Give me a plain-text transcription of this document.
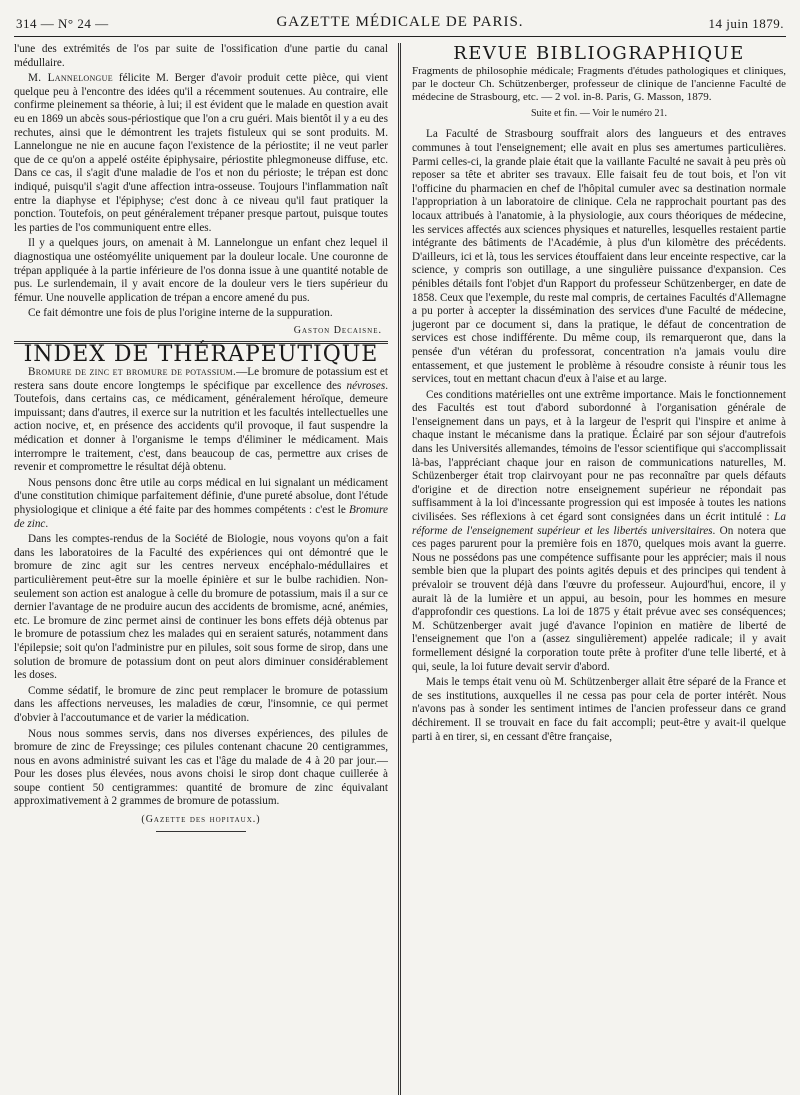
314 — N° 24 —	GAZETTE MÉDICALE DE PARIS.	14 juin 1879.

l'une des extrémités de l'os par suite de l'ossification d'une partie du canal médullaire.

M. Lannelongue félicite M. Berger d'avoir produit cette pièce, qui vient quelque peu à l'encontre des idées qu'il a récemment soutenues. Au contraire, elle confirme pleinement sa théorie, à lui; il est évident que le malade en question avait eu en 1869 un abcès sous-périostique que l'on a cru guéri. Mais bientôt il y a eu des rechutes, ainsi que le démontrent les trajets fistuleux qui se sont produits. M. Lannelongue ne nie en aucune façon l'existence de la périostite; il ne veut parler que de ce qu'on a appelé ostéite épiphysaire, périostite phlegmoneuse diffuse, etc. Dans ce cas, il s'agit d'une maladie de l'os et non du périoste; le trépan est donc indiqué, puisqu'il s'agit d'une affection intra-osseuse. Toujours l'inflammation naît entre la diaphyse et l'épiphyse; c'est donc à ce niveau qu'il faut pratiquer la ponction. Toutefois, on peut généralement trépaner presque partout, puisque toutes les parties de l'os communiquent entre elles.

Il y a quelques jours, on amenait à M. Lannelongue un enfant chez lequel il diagnostiqua une ostéomyélite uniquement par la douleur locale. Une couronne de trépan appliquée à la partie inférieure de l'os donna issue à une quantité notable de pus. Le surlendemain, il y avait encore de la douleur vers le tiers supérieur du fémur. Une nouvelle application de trépan a encore amené du pus.

Ce fait démontre une fois de plus l'origine interne de la suppuration.

Gaston Decaisne.
INDEX DE THÉRAPEUTIQUE

Bromure de zinc et bromure de potassium.—Le bromure de potassium est et restera sans doute encore longtemps le spécifique par excellence des névroses. Toutefois, dans certains cas, ce médicament, généralement héroïque, demeure impuissant; dans d'autres, il exerce sur la nutrition et les facultés intellectuelles une action nocive, et, en présence des accidents qu'il provoque, il faut suspendre la médication et donner à l'organisme le temps d'éliminer le médicament. Mais interrompre le traitement, c'est, dans beaucoup de cas, permettre aux crises de revenir et compromettre le résultat déjà obtenu.

Nous pensons donc être utile au corps médical en lui signalant un médicament d'une constitution chimique parfaitement définie, d'une pureté absolue, dont l'étude physiologique et clinique a été faite par des hommes compétents : c'est le Bromure de zinc.

Dans les comptes-rendus de la Société de Biologie, nous voyons qu'on a fait dans les laboratoires de la Faculté des expériences qui ont démontré que le bromure de zinc agit sur les centres nerveux encéphalo-médullaires et particulièrement peut-être sur la moelle épinière et sur le bulbe rachidien. Non-seulement son action est analogue à celle du bromure de potassium, mais il a sur ce dernier l'avantage de ne produire aucun des accidents de bromisme, acné, anémies, etc. Le bromure de zinc permet ainsi de continuer les bons effets déjà obtenus par le bromure de potassium chez les malades qui en seraient saturés, notamment dans l'épilepsie; soit qu'on l'administre pur en pilules, soit sous forme de sirop, dans une solution de bromure de potassium dont on peut alors diminuer considérablement les doses.

Comme sédatif, le bromure de zinc peut remplacer le bromure de potassium dans les affections nerveuses, les maladies de cœur, l'insomnie, ce qui permet d'obvier à l'accoutumance et de varier la médication.

Nous nous sommes servis, dans nos diverses expériences, des pilules de bromure de zinc de Freyssinge; ces pilules contenant chacune 20 centigrammes, nous en avons administré suivant les cas et l'âge du malade de 4 à 20 par jour.—Pour les doses plus élevées, nous avons choisi le sirop dont chaque cuillerée à soupe contient 50 centigrammes: quantité de bromure de zinc équivalant approximativement à 2 grammes de bromure de potassium.

(Gazette des hopitaux.)
REVUE BIBLIOGRAPHIQUE
Fragments de philosophie médicale; Fragments d'études pathologiques et cliniques, par le docteur Ch. Schützenberger, professeur de clinique de l'ancienne Faculté de médecine de Strasbourg, etc. — 2 vol. in-8. Paris, G. Masson, 1879.
Suite et fin. — Voir le numéro 21.

La Faculté de Strasbourg souffrait alors des langueurs et des entraves communes à tout l'enseignement; elle avait en plus ses amertumes particulières. Parmi celles-ci, la grande plaie était que la vaillante Faculté ne savait à peu près où reposer sa tête et abriter ses travaux. Elle faisait feu de tout bois, et l'on vit l'officine du pharmacien en chef de l'hôpital cumuler avec sa destination normale l'appropriation à un laboratoire de clinique. Cela ne rapprochait pourtant pas des locaux attribués à l'anatomie, à la physiologie, aux cours théoriques de médecine, les services affectés aux sciences physiques et naturelles, lesquelles restaient partie intégrante des bâtiments de l'Académie, à plus d'un kilomètre des précédents. D'ailleurs, ici et là, tous les services étouffaient dans leur enceinte respective, car la science, y compris son outillage, a une singulière puissance d'expansion. Ces pénibles détails font l'objet d'un Rapport du professeur Schützenberger, en date de 1858. Ceux que l'exemple, du reste mal compris, de certaines Facultés d'Allemagne a pu porter à accepter la dissémination des services d'une Faculté de médecine, jugeront par ce document si, dans la pratique, le défaut de concentration de services est chose indifférente. Du même coup, ils remarqueront que, dans la pensée d'un vétéran du professorat, concentration n'a jamais voulu dire entassement, et que justement le problème à résoudre consiste à réunir tous les services, tout en mettant chacun d'eux à l'aise et au large.

Ces conditions matérielles ont une extrême importance. Mais le fonctionnement des Facultés est tout d'abord subordonné à l'organisation générale de l'enseignement dans un pays, et à la largeur de l'esprit qui l'inspire et anime à chaque instant le mécanisme dans la pratique. Éclairé par son séjour d'autrefois dans les Universités allemandes, témoins de l'essor scientifique qui s'accomplissait là-bas, l'appréciant chaque jour en raison de communications naturelles, M. Schüzenberger était trop clairvoyant pour ne pas reconnaître par quels défauts d'origine et de direction notre enseignement supérieur ne répondait pas suffisamment à la loi d'incessante progression qui est imposée à toutes les nations civilisées. Ses réflexions à cet égard sont consignées dans un écrit intitulé : La réforme de l'enseignement supérieur et les libertés universitaires. On notera que ces pages parurent pour la première fois en 1870, quelques mois avant la guerre. Nous ne possédons pas une compétence suffisante pour les apprécier; mais il nous semble bien que la plupart des points agités depuis et des principes qui tendent à prévaloir se trouvent déjà dans l'œuvre du professeur. Aujourd'hui, encore, il y aurait là de la lumière et un appui, au besoin, pour les hommes en mesure d'approfondir ces questions. La loi de 1875 y était prévue avec ses conséquences; M. Schützenberger avait jugé d'avance l'opinion en matière de liberté de l'enseignement que l'on a (assez singulièrement) appelée radicale; il y avait formellement désigné la corporation toute prête à profiter d'une telle liberté, et à qui, seule, la loi future devait servir d'abord.

Mais le temps était venu où M. Schützenberger allait être séparé de la France et de ses institutions, auxquelles il ne cessa pas pour cela de porter intérêt. Nous n'avons pas à sonder les sentiment intimes de l'ancien professeur dans ce grand déchirement. Il se trouvait en face du fait accompli; peut-être y avait-il quelque parti à en tirer, si, en cessant d'être française,
